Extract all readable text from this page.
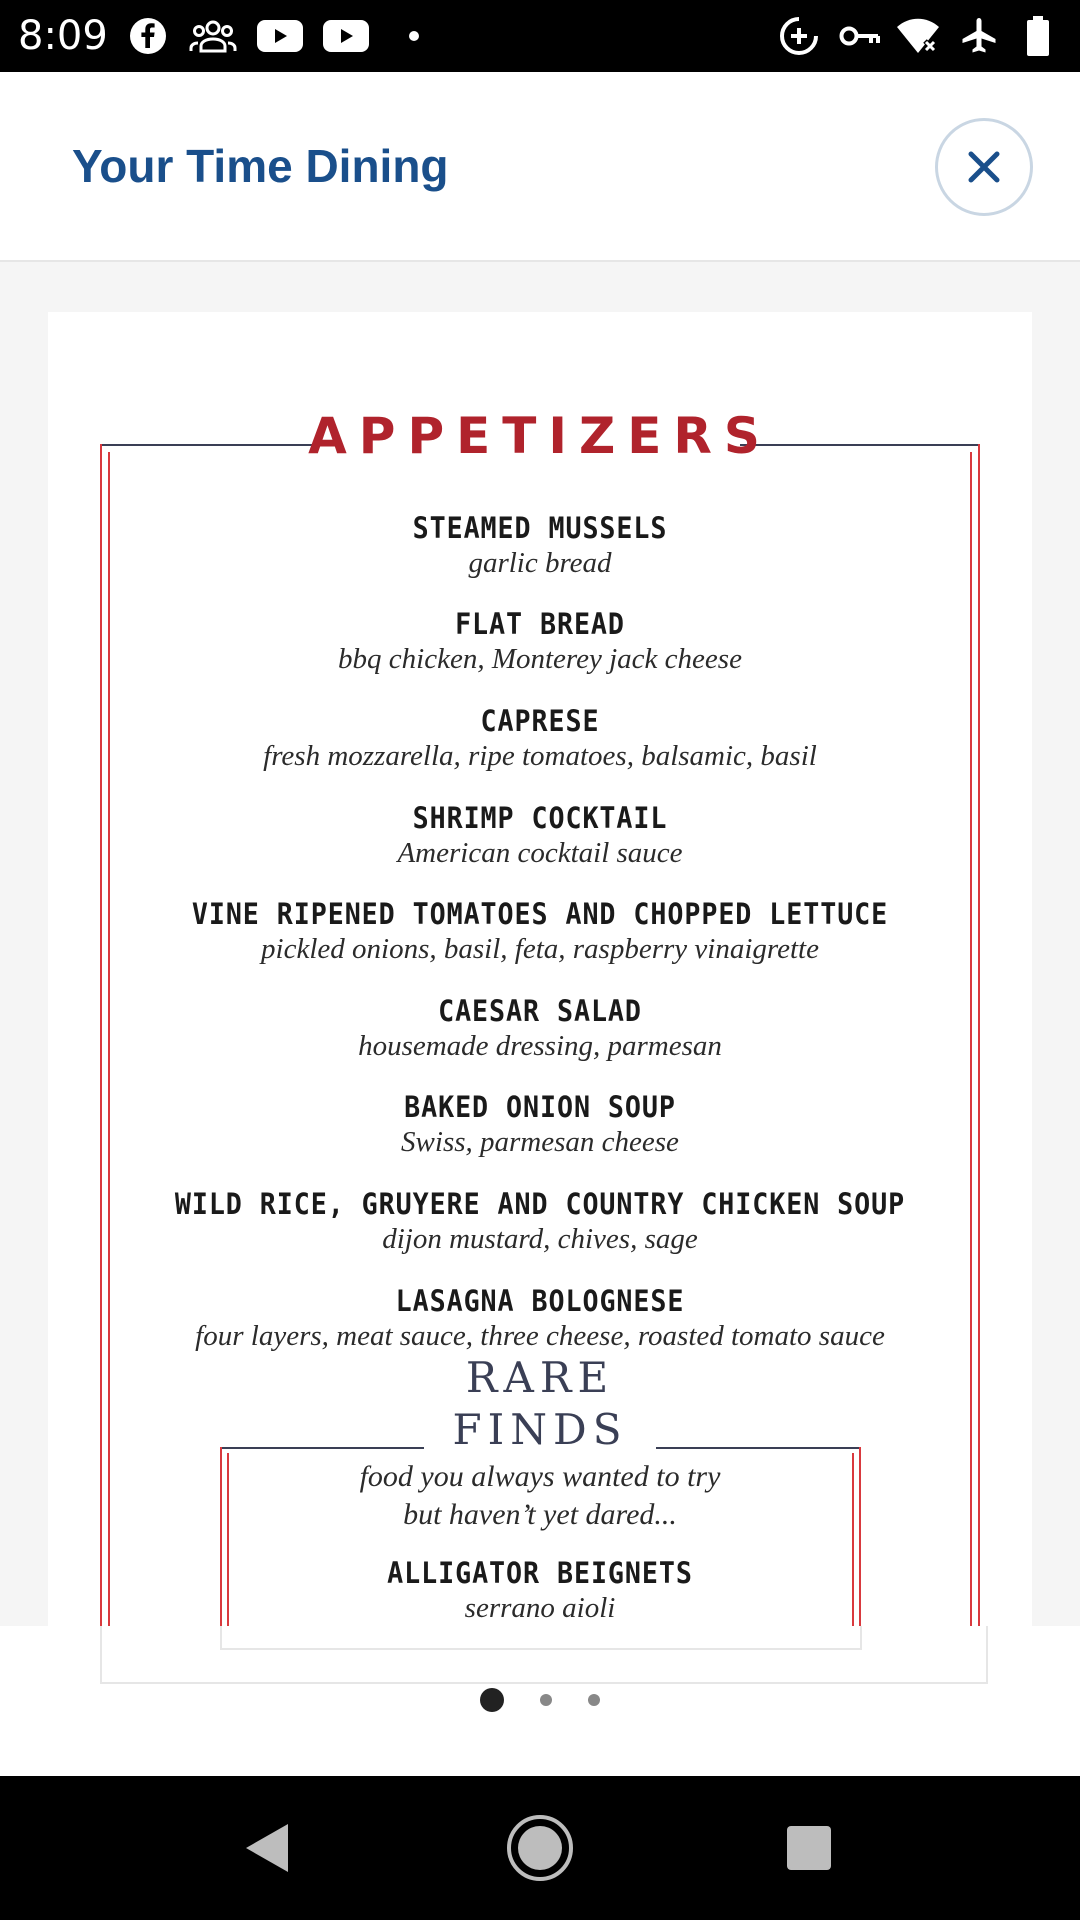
8:09
Your Time Dining
APPETIZERS
STEAMED MUSSELS
garlic bread
FLAT BREAD
bbq chicken, Monterey jack cheese
CAPRESE
fresh mozzarella, ripe tomatoes, balsamic, basil
SHRIMP COCKTAIL
American cocktail sauce
VINE RIPENED TOMATOES AND CHOPPED LETTUCE
pickled onions, basil, feta, raspberry vinaigrette
CAESAR SALAD
housemade dressing, parmesan
BAKED ONION SOUP
Swiss, parmesan cheese
WILD RICE, GRUYERE AND COUNTRY CHICKEN SOUP
dijon mustard, chives, sage
LASAGNA BOLOGNESE
four layers, meat sauce, three cheese, roasted tomato sauce
RARE
FINDS
food you always wanted to try
but haven’t yet dared...
ALLIGATOR BEIGNETS
serrano aioli
